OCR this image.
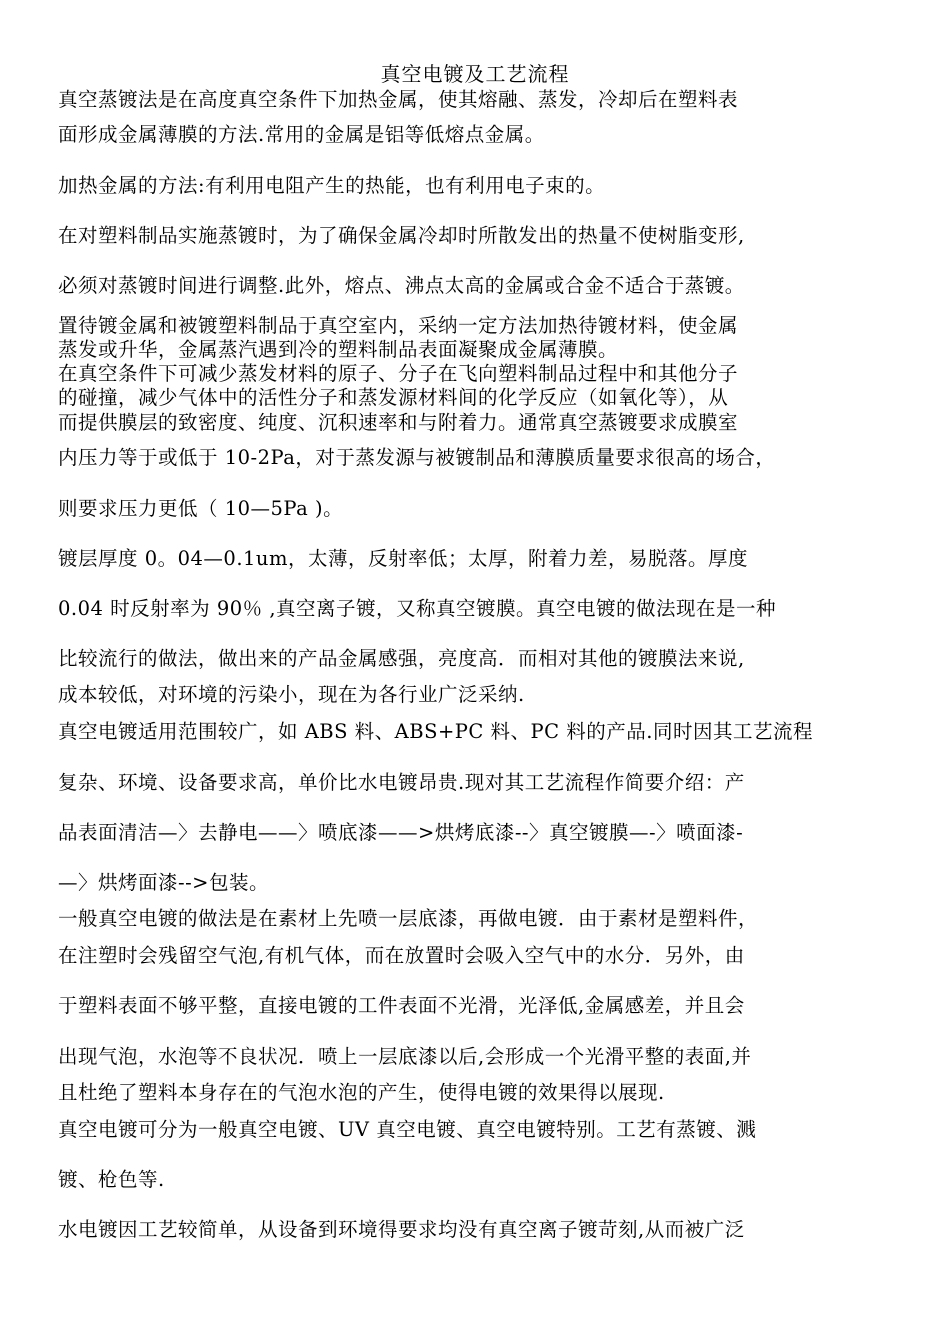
真空电镀及工艺流程
真空蒸镀法是在高度真空条件下加热金属，使其熔融、蒸发，冷却后在塑料表
面形成金属薄膜的方法.常用的金属是铝等低熔点金属。
加热金属的方法:有利用电阻产生的热能，也有利用电子束的。
在对塑料制品实施蒸镀时，为了确保金属冷却时所散发出的热量不使树脂变形,
必须对蒸镀时间进行调整.此外，熔点、沸点太高的金属或合金不适合于蒸镀。
置待镀金属和被镀塑料制品于真空室内，采纳一定方法加热待镀材料，使金属
蒸发或升华，金属蒸汽遇到冷的塑料制品表面凝聚成金属薄膜。
在真空条件下可减少蒸发材料的原子、分子在飞向塑料制品过程中和其他分子
的碰撞，减少气体中的活性分子和蒸发源材料间的化学反应（如氧化等），从
而提供膜层的致密度、纯度、沉积速率和与附着力。通常真空蒸镀要求成膜室
内压力等于或低于 10-2Pa，对于蒸发源与被镀制品和薄膜质量要求很高的场合，
则要求压力更低（ 10—5Pa )。
镀层厚度 0。04—0.1um，太薄，反射率低；太厚，附着力差，易脱落。厚度
0.04 时反射率为 90％ ,真空离子镀，又称真空镀膜。真空电镀的做法现在是一种
比较流行的做法，做出来的产品金属感强，亮度高．而相对其他的镀膜法来说,
成本较低，对环境的污染小，现在为各行业广泛采纳.
真空电镀适用范围较广，如 ABS 料、ABS+PC 料、PC 料的产品.同时因其工艺流程
复杂、环境、设备要求高，单价比水电镀昂贵.现对其工艺流程作简要介绍：产
品表面清洁—〉去静电——〉喷底漆——>烘烤底漆--〉真空镀膜—-〉喷面漆-
—〉烘烤面漆-->包装。
一般真空电镀的做法是在素材上先喷一层底漆，再做电镀．由于素材是塑料件，
在注塑时会残留空气泡,有机气体，而在放置时会吸入空气中的水分．另外，由
于塑料表面不够平整，直接电镀的工件表面不光滑，光泽低,金属感差，并且会
出现气泡，水泡等不良状况．喷上一层底漆以后,会形成一个光滑平整的表面,并
且杜绝了塑料本身存在的气泡水泡的产生，使得电镀的效果得以展现.
真空电镀可分为一般真空电镀、UV 真空电镀、真空电镀特别。工艺有蒸镀、溅
镀、枪色等.
水电镀因工艺较简单，从设备到环境得要求均没有真空离子镀苛刻,从而被广泛
